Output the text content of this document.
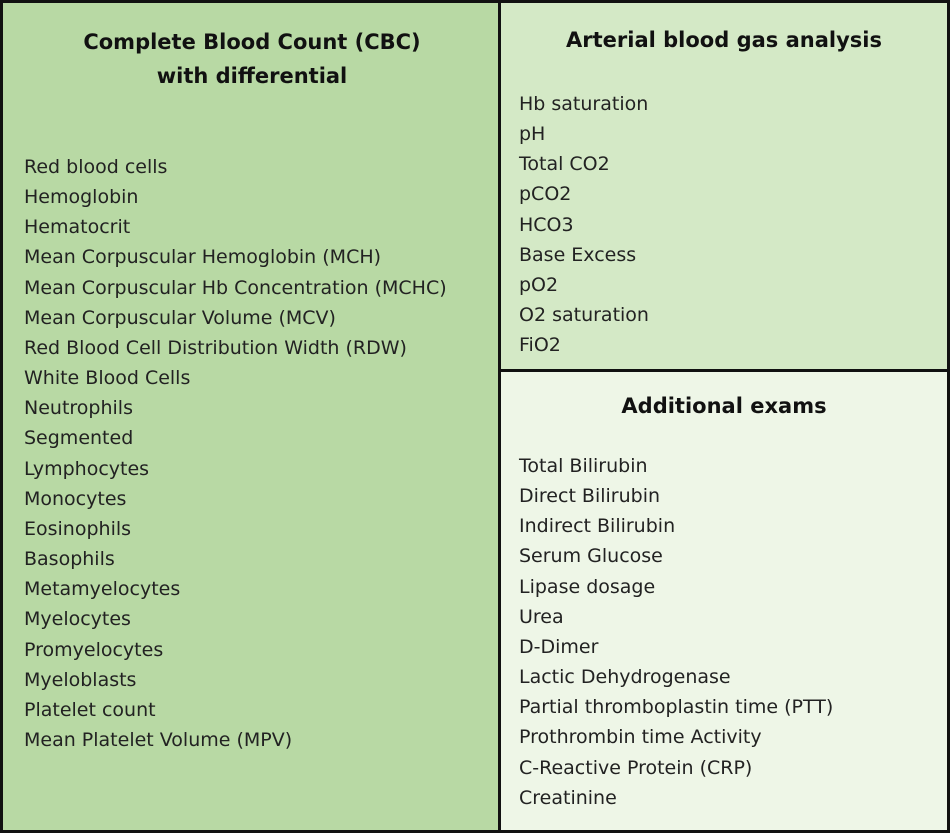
Complete Blood Count (CBC)
with differential
Red blood cells
Hemoglobin
Hematocrit
Mean Corpuscular Hemoglobin (MCH)
Mean Corpuscular Hb Concentration (MCHC)
Mean Corpuscular Volume (MCV)
Red Blood Cell Distribution Width (RDW)
White Blood Cells
Neutrophils
Segmented
Lymphocytes
Monocytes
Eosinophils
Basophils
Metamyelocytes
Myelocytes
Promyelocytes
Myeloblasts
Platelet count
Mean Platelet Volume (MPV)
Arterial blood gas analysis
Hb saturation
pH
Total CO2
pCO2
HCO3
Base Excess
pO2
O2 saturation
FiO2
Additional exams
Total Bilirubin
Direct Bilirubin
Indirect Bilirubin
Serum Glucose
Lipase dosage
Urea
D-Dimer
Lactic Dehydrogenase
Partial thromboplastin time (PTT)
Prothrombin time Activity
C-Reactive Protein (CRP)
Creatinine
